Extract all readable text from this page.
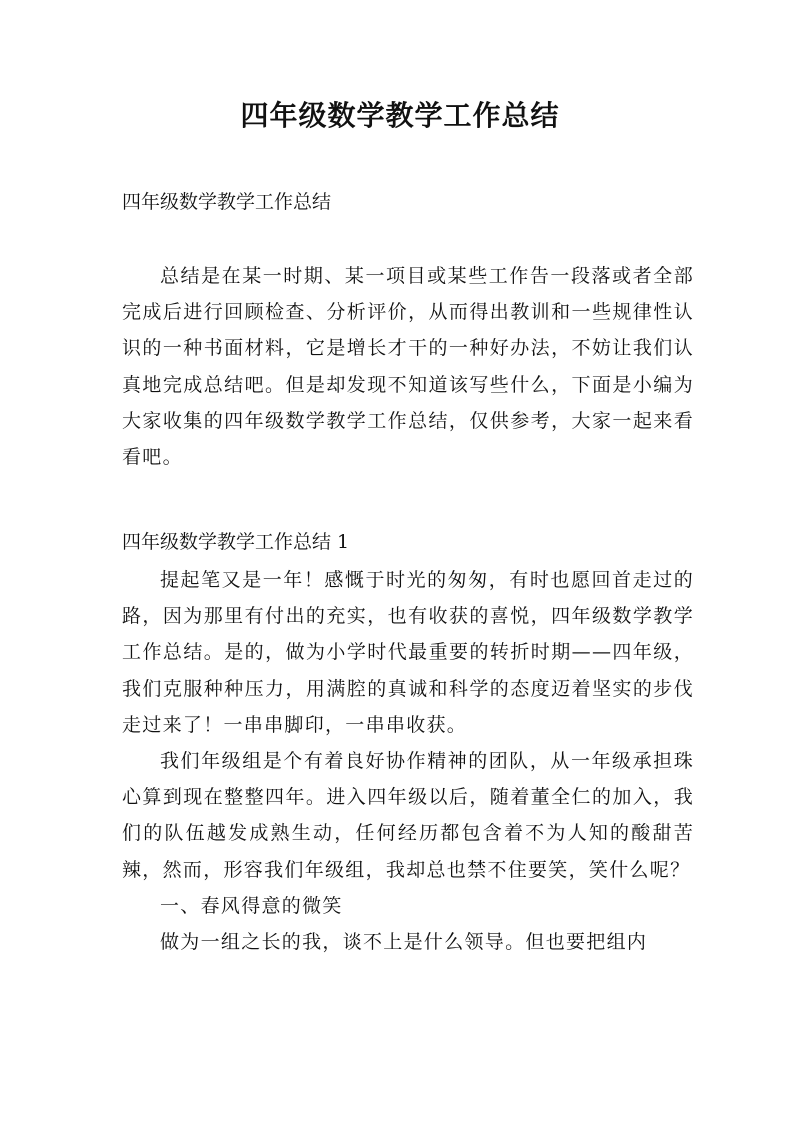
四年级数学教学工作总结
四年级数学教学工作总结

总结是在某一时期、某一项目或某些工作告一段落或者全部完成后进行回顾检查、分析评价，从而得出教训和一些规律性认识的一种书面材料，它是增长才干的一种好办法，不妨让我们认真地完成总结吧。但是却发现不知道该写些什么，下面是小编为大家收集的四年级数学教学工作总结，仅供参考，大家一起来看看吧。

四年级数学教学工作总结 1

提起笔又是一年！感慨于时光的匆匆，有时也愿回首走过的路，因为那里有付出的充实，也有收获的喜悦，四年级数学教学工作总结。是的，做为小学时代最重要的转折时期——四年级，我们克服种种压力，用满腔的真诚和科学的态度迈着坚实的步伐走过来了！一串串脚印，一串串收获。

我们年级组是个有着良好协作精神的团队，从一年级承担珠心算到现在整整四年。进入四年级以后，随着董全仁的加入，我们的队伍越发成熟生动，任何经历都包含着不为人知的酸甜苦辣，然而，形容我们年级组，我却总也禁不住要笑，笑什么呢？

一、春风得意的微笑

做为一组之长的我，谈不上是什么领导。但也要把组内
